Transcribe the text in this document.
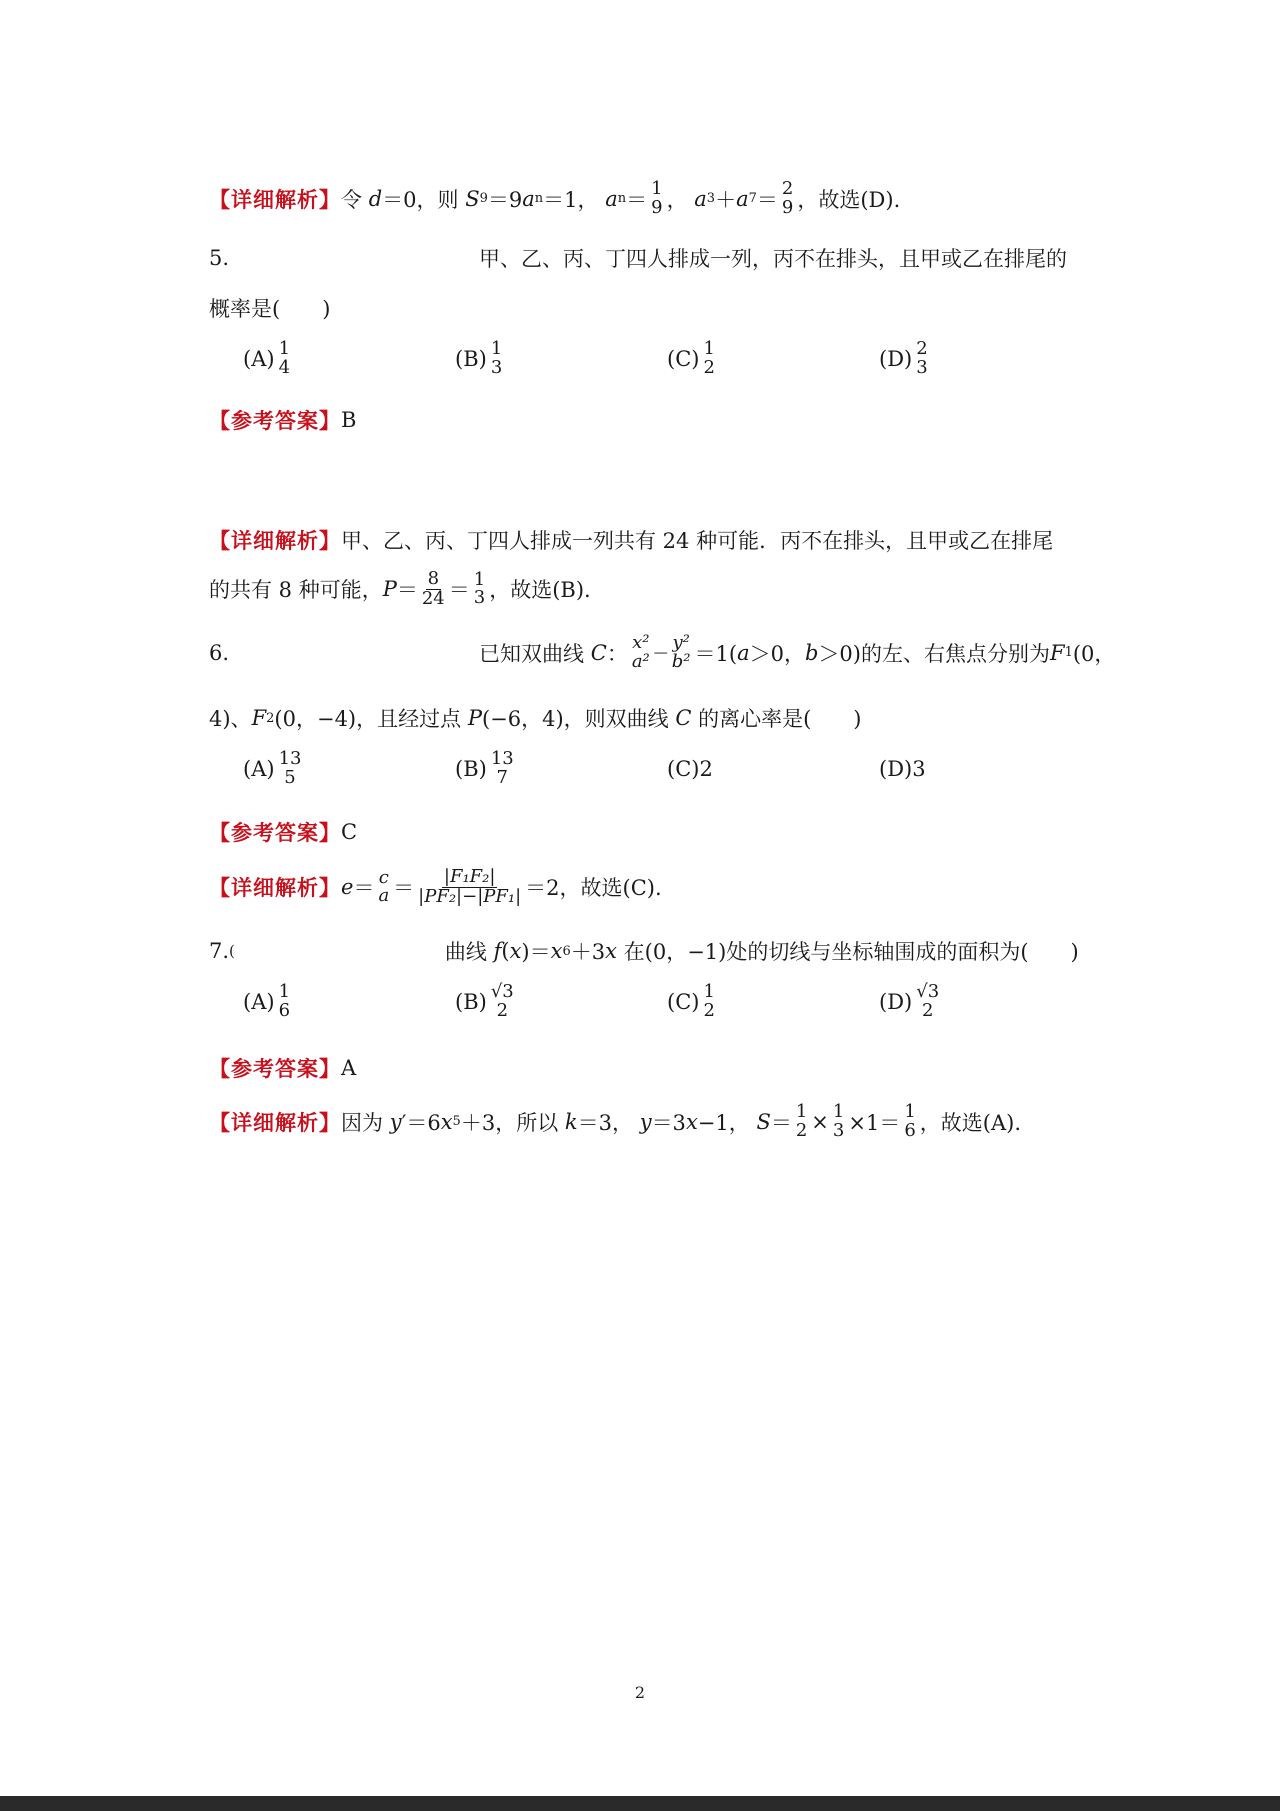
【详细解析】 令
d ＝0，则
S 9 ＝9 a n ＝1，
a n ＝ 1
9 ，
a 3 ＋ a 7 ＝ 2
9 ，故选(D).
5.	甲、乙、丙、丁四人排成一列，丙不在排头，且甲或乙在排尾的
概率是(　　)
(A) 1
4	(B) 1
3	(C) 1
2	(D) 2
3
【参考答案】 B
【详细解析】 甲、乙、丙、丁四人排成一列共有 24 种可能．丙不在排头，且甲或乙在排尾
的共有 8 种可能， $P = \frac{8}{24} = 1$
3 ，故选(B).
6.	已知双曲线
C ： x²
a² — y²
b² ＝1( a ＞0， b ＞0)的左、右焦点分别为 F 1 (0，
4)、 F 2 (0，−4)，且经过点
P (−6，4)，则双曲线
C
的离心率是(　　)
(A) 13
5	(B) 13
7	(C) 2	(D) 3
【参考答案】 C
【详细解析】 e ＝ c
$a = \frac{\text{|F₁F₂|}}{\text{|PF₂|−|PF₁|}} =2$，故选(C).
7. (	曲线
f ( x )＝ x 6 ＋3 x
在(0，−1)处的切线与坐标轴围成的面积为(　　)
(A) 1
6	(B) √3
2	(C) 1
2	(D) √3
2
【参考答案】 A
【详细解析】 因为
y ′＝6 x 5 ＋3，所以
k ＝3，
y ＝3 x −1，
S ＝ 1
2 × 1
3 ×1＝ 1
6 ，故选(A).
2
